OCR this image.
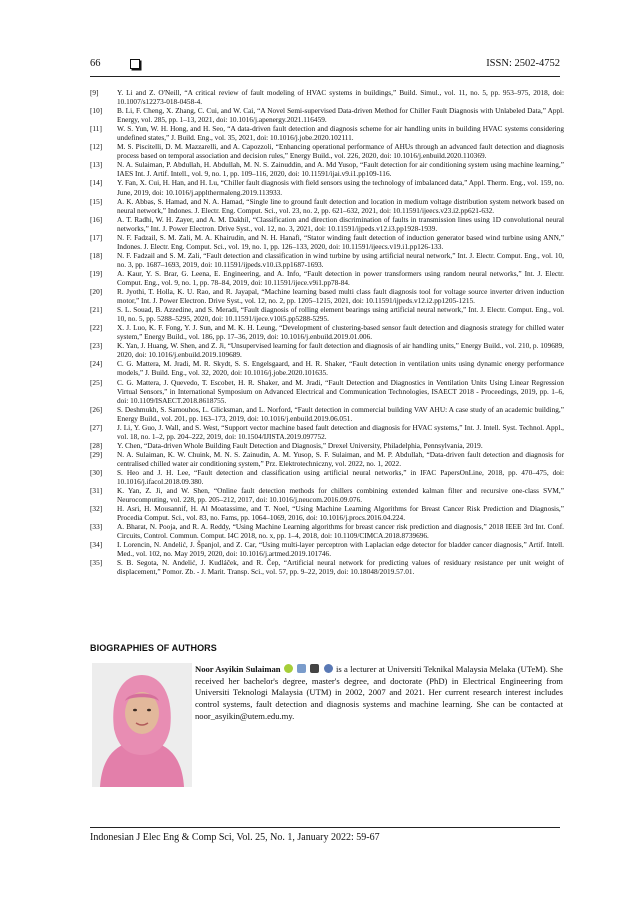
66	ISSN: 2502-4752
[9]	Y. Li and Z. O'Neill, “A critical review of fault modeling of HVAC systems in buildings,” Build. Simul., vol. 11, no. 5, pp. 953–975, 2018, doi: 10.1007/s12273-018-0458-4.
[10]	B. Li, F. Cheng, X. Zhang, C. Cui, and W. Cai, “A Novel Semi-supervised Data-driven Method for Chiller Fault Diagnosis with Unlabeled Data,” Appl. Energy, vol. 285, pp. 1–13, 2021, doi: 10.1016/j.apenergy.2021.116459.
[11]	W. S. Yun, W. H. Hong, and H. Seo, “A data-driven fault detection and diagnosis scheme for air handling units in building HVAC systems considering undefined states,” J. Build. Eng., vol. 35, 2021, doi: 10.1016/j.jobe.2020.102111.
[12]	M. S. Piscitelli, D. M. Mazzarelli, and A. Capozzoli, “Enhancing operational performance of AHUs through an advanced fault detection and diagnosis process based on temporal association and decision rules,” Energy Build., vol. 226, 2020, doi: 10.1016/j.enbuild.2020.110369.
[13]	N. A. Sulaiman, P. Abdullah, H. Abdullah, M. N. S. Zainuddin, and A. Md Yusop, “Fault detection for air conditioning system using machine learning,” IAES Int. J. Artif. Intell., vol. 9, no. 1, pp. 109–116, 2020, doi: 10.11591/ijai.v9.i1.pp109-116.
[14]	Y. Fan, X. Cui, H. Han, and H. Lu, “Chiller fault diagnosis with field sensors using the technology of imbalanced data,” Appl. Therm. Eng., vol. 159, no. June, 2019, doi: 10.1016/j.applthermaleng.2019.113933.
[15]	A. K. Abbas, S. Hamad, and N. A. Hamad, “Single line to ground fault detection and location in medium voltage distribution system network based on neural network,” Indones. J. Electr. Eng. Comput. Sci., vol. 23, no. 2, pp. 621–632, 2021, doi: 10.11591/ijeecs.v23.i2.pp621-632.
[16]	A. T. Radhi, W. H. Zayer, and A. M. Dakhil, “Classification and direction discrimination of faults in transmission lines using 1D convolutional neural networks,” Int. J. Power Electron. Drive Syst., vol. 12, no. 3, 2021, doi: 10.11591/ijpeds.v12.i3.pp1928-1939.
[17]	N. F. Fadzail, S. M. Zali, M. A. Khairudin, and N. H. Hanafi, “Stator winding fault detection of induction generator based wind turbine using ANN,” Indones. J. Electr. Eng. Comput. Sci., vol. 19, no. 1, pp. 126–133, 2020, doi: 10.11591/ijeecs.v19.i1.pp126-133.
[18]	N. F. Fadzail and S. M. Zali, “Fault detection and classification in wind turbine by using artificial neural network,” Int. J. Electr. Comput. Eng., vol. 10, no. 3, pp. 1687–1693, 2019, doi: 10.11591/ijpeds.v10.i3.pp1687-1693.
[19]	A. Kaur, Y. S. Brar, G. Leena, E. Engineering, and A. Info, “Fault detection in power transformers using random neural networks,” Int. J. Electr. Comput. Eng., vol. 9, no. 1, pp. 78–84, 2019, doi: 10.11591/ijece.v9i1.pp78-84.
[20]	R. Jyothi, T. Holla, K. U. Rao, and R. Jayapal, “Machine learning based multi class fault diagnosis tool for voltage source inverter driven induction motor,” Int. J. Power Electron. Drive Syst., vol. 12, no. 2, pp. 1205–1215, 2021, doi: 10.11591/ijpeds.v12.i2.pp1205-1215.
[21]	S. L. Souad, B. Azzedine, and S. Meradi, “Fault diagnosis of rolling element bearings using artificial neural network,” Int. J. Electr. Comput. Eng., vol. 10, no. 5, pp. 5288–5295, 2020, doi: 10.11591/ijece.v10i5.pp5288-5295.
[22]	X. J. Luo, K. F. Fong, Y. J. Sun, and M. K. H. Leung, “Development of clustering-based sensor fault detection and diagnosis strategy for chilled water system,” Energy Build., vol. 186, pp. 17–36, 2019, doi: 10.1016/j.enbuild.2019.01.006.
[23]	K. Yan, J. Huang, W. Shen, and Z. Ji, “Unsupervised learning for fault detection and diagnosis of air handling units,” Energy Build., vol. 210, p. 109689, 2020, doi: 10.1016/j.enbuild.2019.109689.
[24]	C. G. Mattera, M. Jradi, M. R. Skydt, S. S. Engelsgaard, and H. R. Shaker, “Fault detection in ventilation units using dynamic energy performance models,” J. Build. Eng., vol. 32, 2020, doi: 10.1016/j.jobe.2020.101635.
[25]	C. G. Mattera, J. Quevedo, T. Escobet, H. R. Shaker, and M. Jradi, “Fault Detection and Diagnostics in Ventilation Units Using Linear Regression Virtual Sensors,” in International Symposium on Advanced Electrical and Communication Technologies, ISAECT 2018 - Proceedings, 2019, pp. 1–6, doi: 10.1109/ISAECT.2018.8618755.
[26]	S. Deshmukh, S. Samouhos, L. Glicksman, and L. Norford, “Fault detection in commercial building VAV AHU: A case study of an academic building,” Energy Build., vol. 201, pp. 163–173, 2019, doi: 10.1016/j.enbuild.2019.06.051.
[27]	J. Li, Y. Guo, J. Wall, and S. West, “Support vector machine based fault detection and diagnosis for HVAC systems,” Int. J. Intell. Syst. Technol. Appl., vol. 18, no. 1–2, pp. 204–222, 2019, doi: 10.1504/IJISTA.2019.097752.
[28]	Y. Chen, “Data-driven Whole Building Fault Detection and Diagnosis,” Drexel University, Philadelphia, Pennsylvania, 2019.
[29]	N. A. Sulaiman, K. W. Chuink, M. N. S. Zainudin, A. M. Yusop, S. F. Sulaiman, and M. P. Abdullah, “Data-driven fault detection and diagnosis for centralised chilled water air conditioning system,” Prz. Elektrotechniczny, vol. 2022, no. 1, 2022.
[30]	S. Heo and J. H. Lee, “Fault detection and classification using artificial neural networks,” in IFAC PapersOnLine, 2018, pp. 470–475, doi: 10.1016/j.ifacol.2018.09.380.
[31]	K. Yan, Z. Ji, and W. Shen, “Online fault detection methods for chillers combining extended kalman filter and recursive one-class SVM,” Neurocomputing, vol. 228, pp. 205–212, 2017, doi: 10.1016/j.neucom.2016.09.076.
[32]	H. Asri, H. Mousannif, H. Al Moatassime, and T. Noel, “Using Machine Learning Algorithms for Breast Cancer Risk Prediction and Diagnosis,” Procedia Comput. Sci., vol. 83, no. Fams, pp. 1064–1069, 2016, doi: 10.1016/j.procs.2016.04.224.
[33]	A. Bharat, N. Pooja, and R. A. Reddy, “Using Machine Learning algorithms for breast cancer risk prediction and diagnosis,” 2018 IEEE 3rd Int. Conf. Circuits, Control. Commun. Comput. I4C 2018, no. x, pp. 1–4, 2018, doi: 10.1109/CIMCA.2018.8739696.
[34]	I. Lorencin, N. Andelić, J. Španjol, and Z. Car, “Using multi-layer perceptron with Laplacian edge detector for bladder cancer diagnosis,” Artif. Intell. Med., vol. 102, no. May 2019, 2020, doi: 10.1016/j.artmed.2019.101746.
[35]	S. B. Segota, N. Andelić, J. Kudláček, and R. Čep, “Artificial neural network for predicting values of residuary resistance per unit weight of displacement,” Pomor. Zb. - J. Marit. Transp. Sci., vol. 57, pp. 9–22, 2019, doi: 10.18048/2019.57.01.
BIOGRAPHIES OF AUTHORS
Noor Asyikin Sulaiman	is a lecturer at Universiti Teknikal Malaysia Melaka (UTeM). She received her bachelor's degree, master's degree, and doctorate (PhD) in Electrical Engineering from Universiti Teknologi Malaysia (UTM) in 2002, 2007 and 2021. Her current research interest includes control systems, fault detection and diagnosis systems and machine learning. She can be contacted at noor_asyikin@utem.edu.my.
Indonesian J Elec Eng & Comp Sci, Vol. 25, No. 1, January 2022: 59-67
